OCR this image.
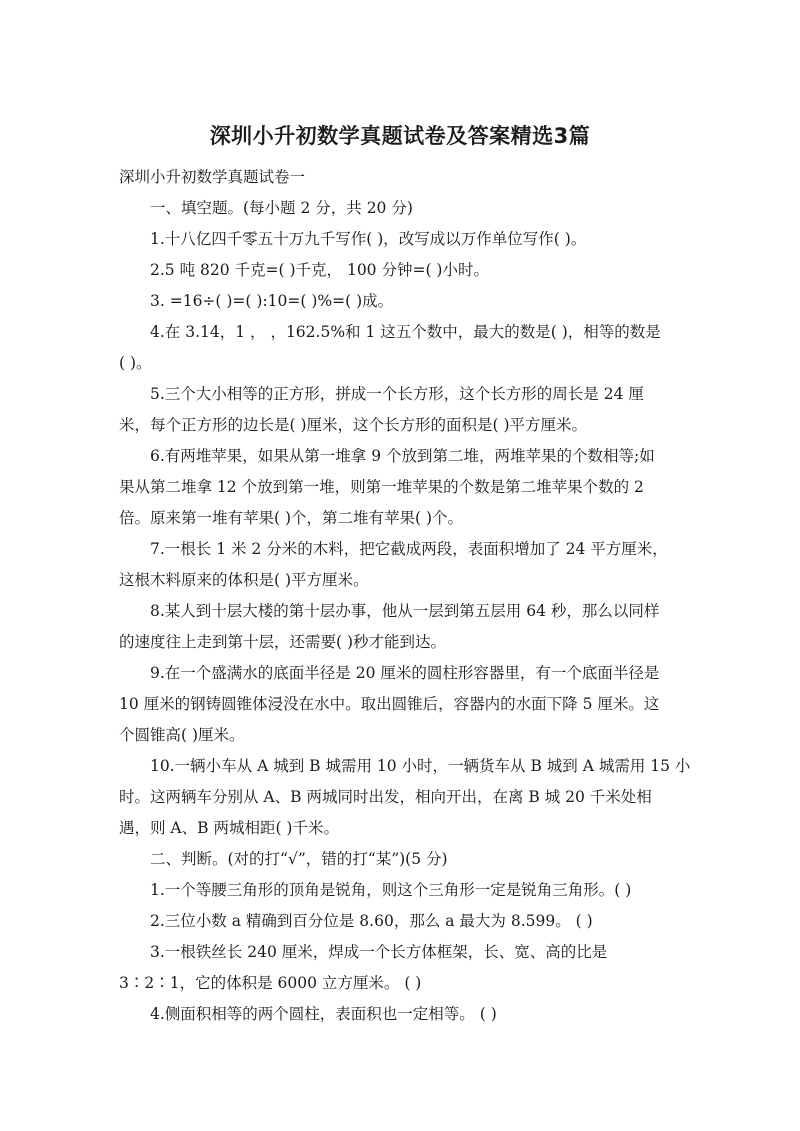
深圳小升初数学真题试卷及答案精选3篇

深圳小升初数学真题试卷一

一、填空题。(每小题 2 分，共 20 分)

1.十八亿四千零五十万九千写作( )，改写成以万作单位写作( )。

2.5 吨 820 千克=( )千克， 100 分钟=( )小时。

3. =16÷( )=( ):10=( )%=( )成。

4.在 3.14，1 ， ，162.5%和 1 这五个数中，最大的数是( )，相等的数是

( )。

5.三个大小相等的正方形，拼成一个长方形，这个长方形的周长是 24 厘

米，每个正方形的边长是( )厘米，这个长方形的面积是( )平方厘米。

6.有两堆苹果，如果从第一堆拿 9 个放到第二堆，两堆苹果的个数相等;如

果从第二堆拿 12 个放到第一堆，则第一堆苹果的个数是第二堆苹果个数的 2

倍。原来第一堆有苹果( )个，第二堆有苹果( )个。

7.一根长 1 米 2 分米的木料，把它截成两段，表面积增加了 24 平方厘米，

这根木料原来的体积是( )平方厘米。

8.某人到十层大楼的第十层办事，他从一层到第五层用 64 秒，那么以同样

的速度往上走到第十层，还需要( )秒才能到达。

9.在一个盛满水的底面半径是 20 厘米的圆柱形容器里，有一个底面半径是

10 厘米的钢铸圆锥体浸没在水中。取出圆锥后，容器内的水面下降 5 厘米。这

个圆锥高( )厘米。

10.一辆小车从 A 城到 B 城需用 10 小时，一辆货车从 B 城到 A 城需用 15 小

时。这两辆车分别从 A、B 两城同时出发，相向开出，在离 B 城 20 千米处相

遇，则 A、B 两城相距( )千米。

二、判断。(对的打“√”，错的打“某”)(5 分)

1.一个等腰三角形的顶角是锐角，则这个三角形一定是锐角三角形。( )

2.三位小数 a 精确到百分位是 8.60，那么 a 最大为 8.599。 ( )

3.一根铁丝长 240 厘米，焊成一个长方体框架，长、宽、高的比是

3∶2∶1，它的体积是 6000 立方厘米。 ( )

4.侧面积相等的两个圆柱，表面积也一定相等。 ( )
